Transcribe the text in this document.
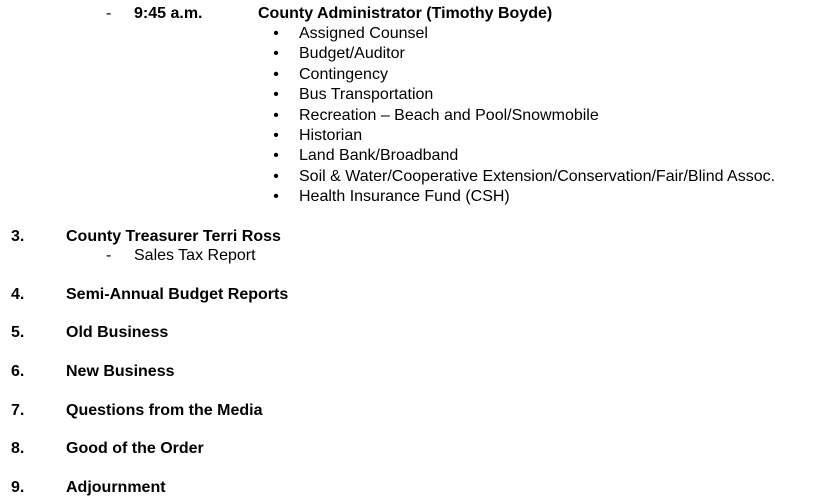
- 9:45 a.m.	County Administrator (Timothy Boyde)
• Assigned Counsel
• Budget/Auditor
• Contingency
• Bus Transportation
• Recreation – Beach and Pool/Snowmobile
• Historian
• Land Bank/Broadband
• Soil & Water/Cooperative Extension/Conservation/Fair/Blind Assoc.
• Health Insurance Fund (CSH)
3.	County Treasurer Terri Ross
- Sales Tax Report
4.	Semi-Annual Budget Reports
5.	Old Business
6.	New Business
7.	Questions from the Media
8.	Good of the Order
9.	Adjournment
